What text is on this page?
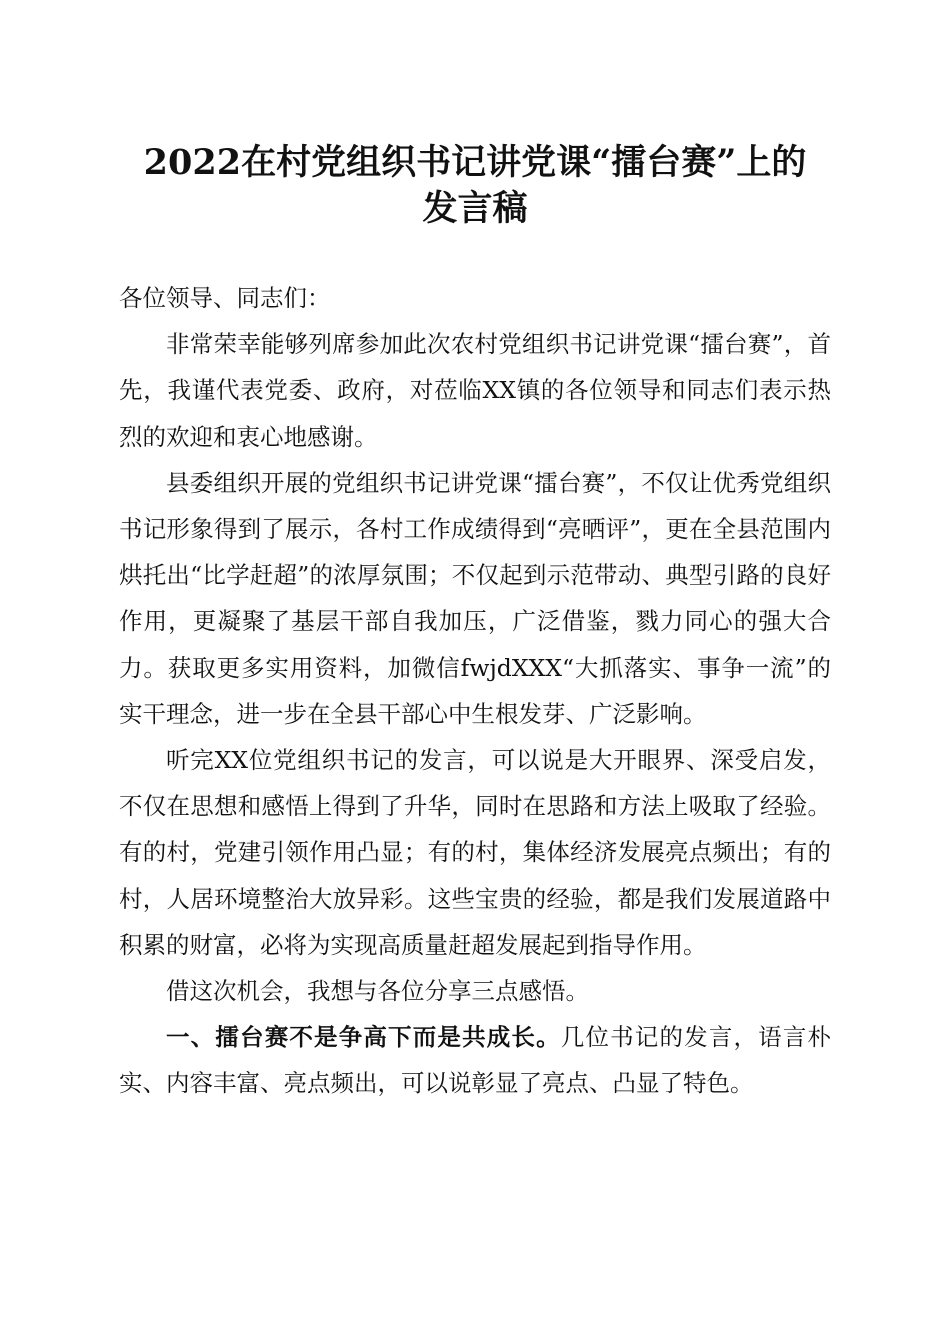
2022在村党组织书记讲党课“擂台赛”上的
发言稿

各位领导、同志们：

非常荣幸能够列席参加此次农村党组织书记讲党课“擂台赛”，首先，我谨代表党委、政府，对莅临XX镇的各位领导和同志们表示热烈的欢迎和衷心地感谢。

县委组织开展的党组织书记讲党课“擂台赛”，不仅让优秀党组织书记形象得到了展示，各村工作成绩得到“亮晒评”，更在全县范围内烘托出“比学赶超”的浓厚氛围；不仅起到示范带动、典型引路的良好作用，更凝聚了基层干部自我加压，广泛借鉴，戮力同心的强大合力。获取更多实用资料，加微信fwjdXXX“大抓落实、事争一流”的实干理念，进一步在全县干部心中生根发芽、广泛影响。

听完XX位党组织书记的发言，可以说是大开眼界、深受启发，不仅在思想和感悟上得到了升华，同时在思路和方法上吸取了经验。有的村，党建引领作用凸显；有的村，集体经济发展亮点频出；有的村，人居环境整治大放异彩。这些宝贵的经验，都是我们发展道路中积累的财富，必将为实现高质量赶超发展起到指导作用。

借这次机会，我想与各位分享三点感悟。

一、擂台赛不是争高下而是共成长。几位书记的发言，语言朴实、内容丰富、亮点频出，可以说彰显了亮点、凸显了特色。
